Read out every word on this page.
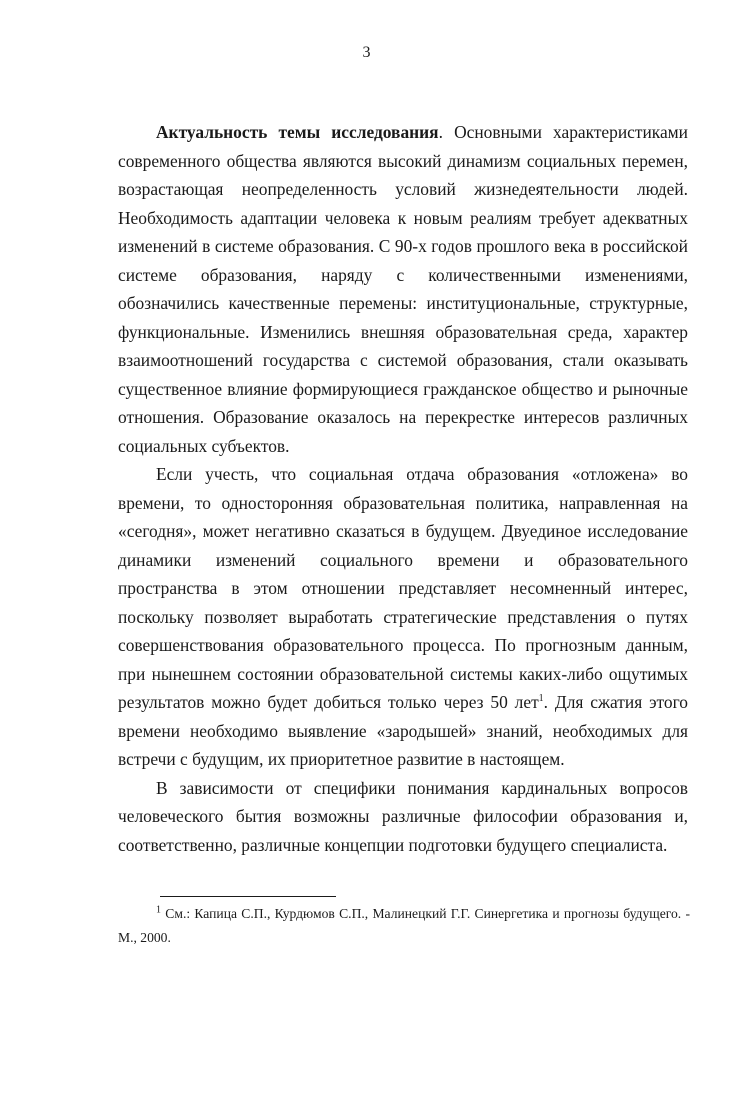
3

Актуальность темы исследования. Основными характеристиками современного общества являются высокий динамизм социальных перемен, возрастающая неопределенность условий жизнедеятельности людей. Необходимость адаптации человека к новым реалиям требует адекватных изменений в системе образования. С 90-х годов прошлого века в российской системе образования, наряду с количественными изменениями, обозначились качественные перемены: институциональные, структурные, функциональные. Изменились внешняя образовательная среда, характер взаимоотношений государства с системой образования, стали оказывать существенное влияние формирующиеся гражданское общество и рыночные отношения. Образование оказалось на перекрестке интересов различных социальных субъектов.

Если учесть, что социальная отдача образования «отложена» во времени, то односторонняя образовательная политика, направленная на «сегодня», может негативно сказаться в будущем. Двуединое исследование динамики изменений социального времени и образовательного пространства в этом отношении представляет несомненный интерес, поскольку позволяет выработать стратегические представления о путях совершенствования образовательного процесса. По прогнозным данным, при нынешнем состоянии образовательной системы каких-либо ощутимых результатов можно будет добиться только через 50 лет$^1$. Для сжатия этого времени необходимо выявление «зародышей» знаний, необходимых для встречи с будущим, их приоритетное развитие в настоящем.

В зависимости от специфики понимания кардинальных вопросов человеческого бытия возможны различные философии образования и, соответственно, различные концепции подготовки будущего специалиста.

$^1$ См.: Капица С.П., Курдюмов С.П., Малинецкий Г.Г. Синергетика и прогнозы будущего. - М., 2000.
